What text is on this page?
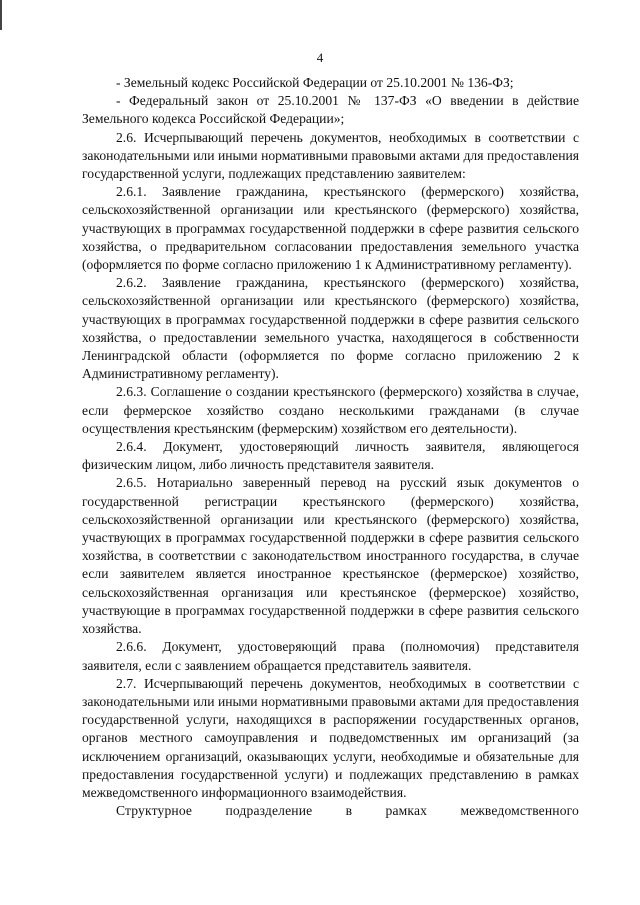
4

- Земельный кодекс Российской Федерации от 25.10.2001 № 136-ФЗ;

- Федеральный закон от 25.10.2001 № 137-ФЗ «О введении в действие Земельного кодекса Российской Федерации»;

2.6. Исчерпывающий перечень документов, необходимых в соответствии с законодательными или иными нормативными правовыми актами для предоставления государственной услуги, подлежащих представлению заявителем:

2.6.1. Заявление гражданина, крестьянского (фермерского) хозяйства, сельскохозяйственной организации или крестьянского (фермерского) хозяйства, участвующих в программах государственной поддержки в сфере развития сельского хозяйства, о предварительном согласовании предоставления земельного участка (оформляется по форме согласно приложению 1 к Административному регламенту).

2.6.2. Заявление гражданина, крестьянского (фермерского) хозяйства, сельскохозяйственной организации или крестьянского (фермерского) хозяйства, участвующих в программах государственной поддержки в сфере развития сельского хозяйства, о предоставлении земельного участка, находящегося в собственности Ленинградской области (оформляется по форме согласно приложению 2 к Административному регламенту).

2.6.3. Соглашение о создании крестьянского (фермерского) хозяйства в случае, если фермерское хозяйство создано несколькими гражданами (в случае осуществления крестьянским (фермерским) хозяйством его деятельности).

2.6.4. Документ, удостоверяющий личность заявителя, являющегося физическим лицом, либо личность представителя заявителя.

2.6.5. Нотариально заверенный перевод на русский язык документов о государственной регистрации крестьянского (фермерского) хозяйства, сельскохозяйственной организации или крестьянского (фермерского) хозяйства, участвующих в программах государственной поддержки в сфере развития сельского хозяйства, в соответствии с законодательством иностранного государства, в случае если заявителем является иностранное крестьянское (фермерское) хозяйство, сельскохозяйственная организация или крестьянское (фермерское) хозяйство, участвующие в программах государственной поддержки в сфере развития сельского хозяйства.

2.6.6. Документ, удостоверяющий права (полномочия) представителя заявителя, если с заявлением обращается представитель заявителя.

2.7. Исчерпывающий перечень документов, необходимых в соответствии с законодательными или иными нормативными правовыми актами для предоставления государственной услуги, находящихся в распоряжении государственных органов, органов местного самоуправления и подведомственных им организаций (за исключением организаций, оказывающих услуги, необходимые и обязательные для предоставления государственной услуги) и подлежащих представлению в рамках межведомственного информационного взаимодействия.

Структурное подразделение в рамках межведомственного
